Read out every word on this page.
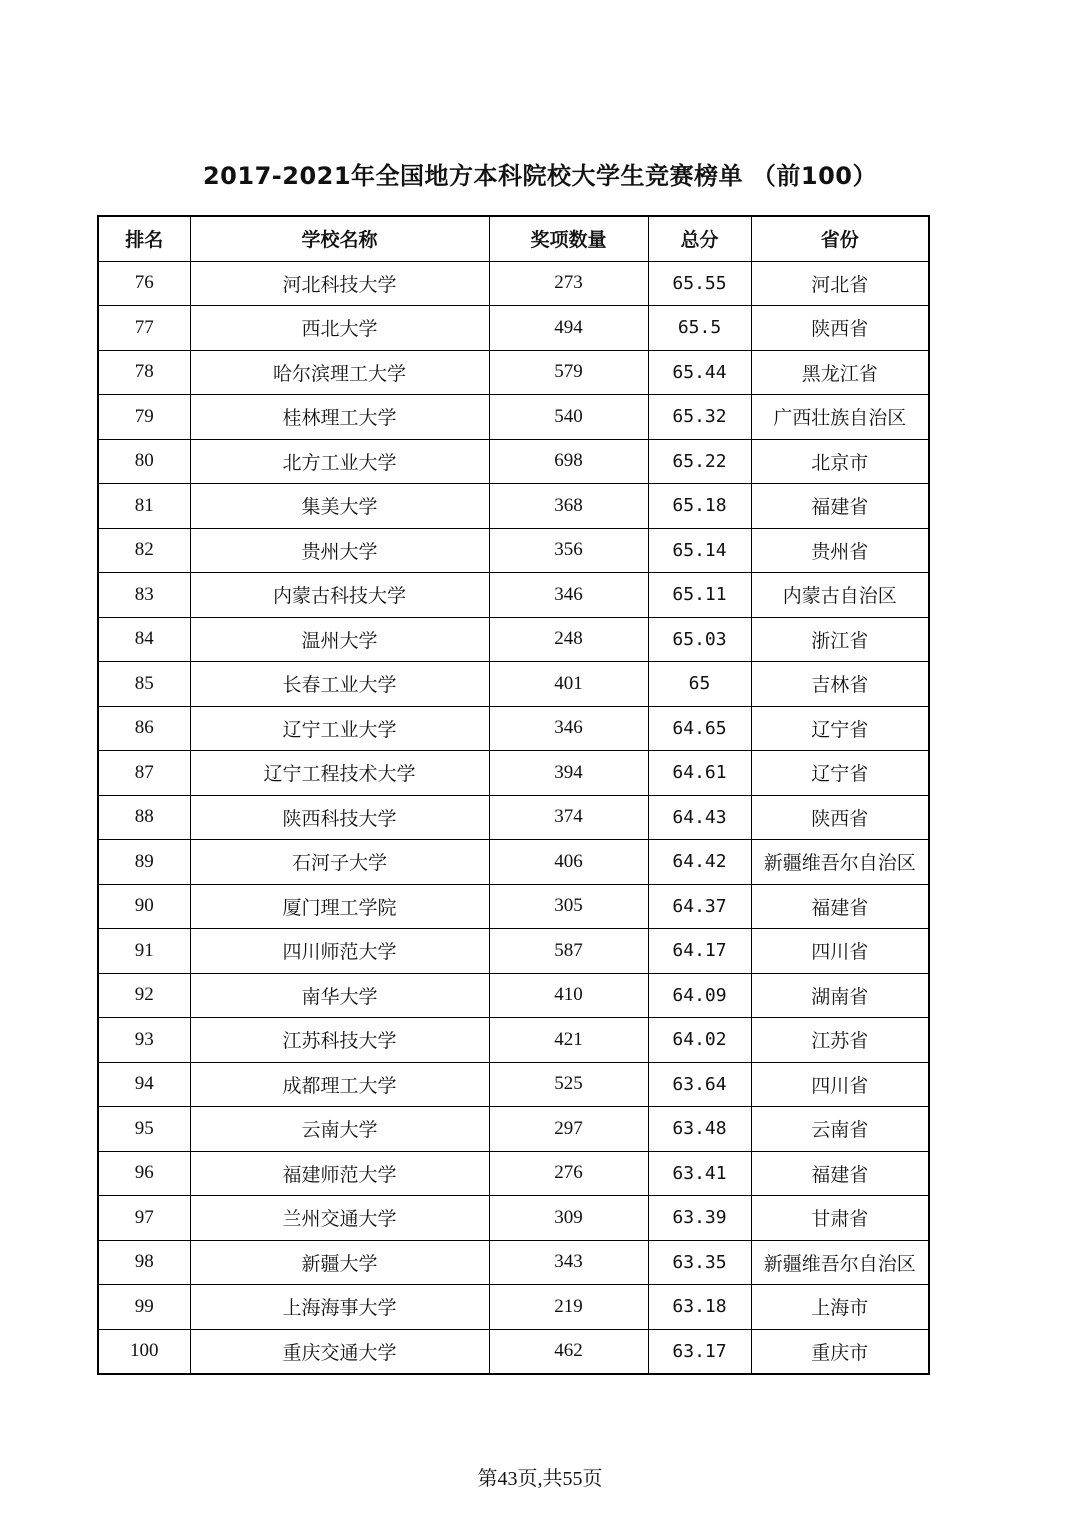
2017-2021年全国地方本科院校大学生竞赛榜单 （前100）
排名	学校名称	奖项数量	总分	省份
76	河北科技大学	273	65.55	河北省
77	西北大学	494	65.5	陕西省
78	哈尔滨理工大学	579	65.44	黑龙江省
79	桂林理工大学	540	65.32	广西壮族自治区
80	北方工业大学	698	65.22	北京市
81	集美大学	368	65.18	福建省
82	贵州大学	356	65.14	贵州省
83	内蒙古科技大学	346	65.11	内蒙古自治区
84	温州大学	248	65.03	浙江省
85	长春工业大学	401	65	吉林省
86	辽宁工业大学	346	64.65	辽宁省
87	辽宁工程技术大学	394	64.61	辽宁省
88	陕西科技大学	374	64.43	陕西省
89	石河子大学	406	64.42	新疆维吾尔自治区
90	厦门理工学院	305	64.37	福建省
91	四川师范大学	587	64.17	四川省
92	南华大学	410	64.09	湖南省
93	江苏科技大学	421	64.02	江苏省
94	成都理工大学	525	63.64	四川省
95	云南大学	297	63.48	云南省
96	福建师范大学	276	63.41	福建省
97	兰州交通大学	309	63.39	甘肃省
98	新疆大学	343	63.35	新疆维吾尔自治区
99	上海海事大学	219	63.18	上海市
100	重庆交通大学	462	63.17	重庆市
第43页,共55页
